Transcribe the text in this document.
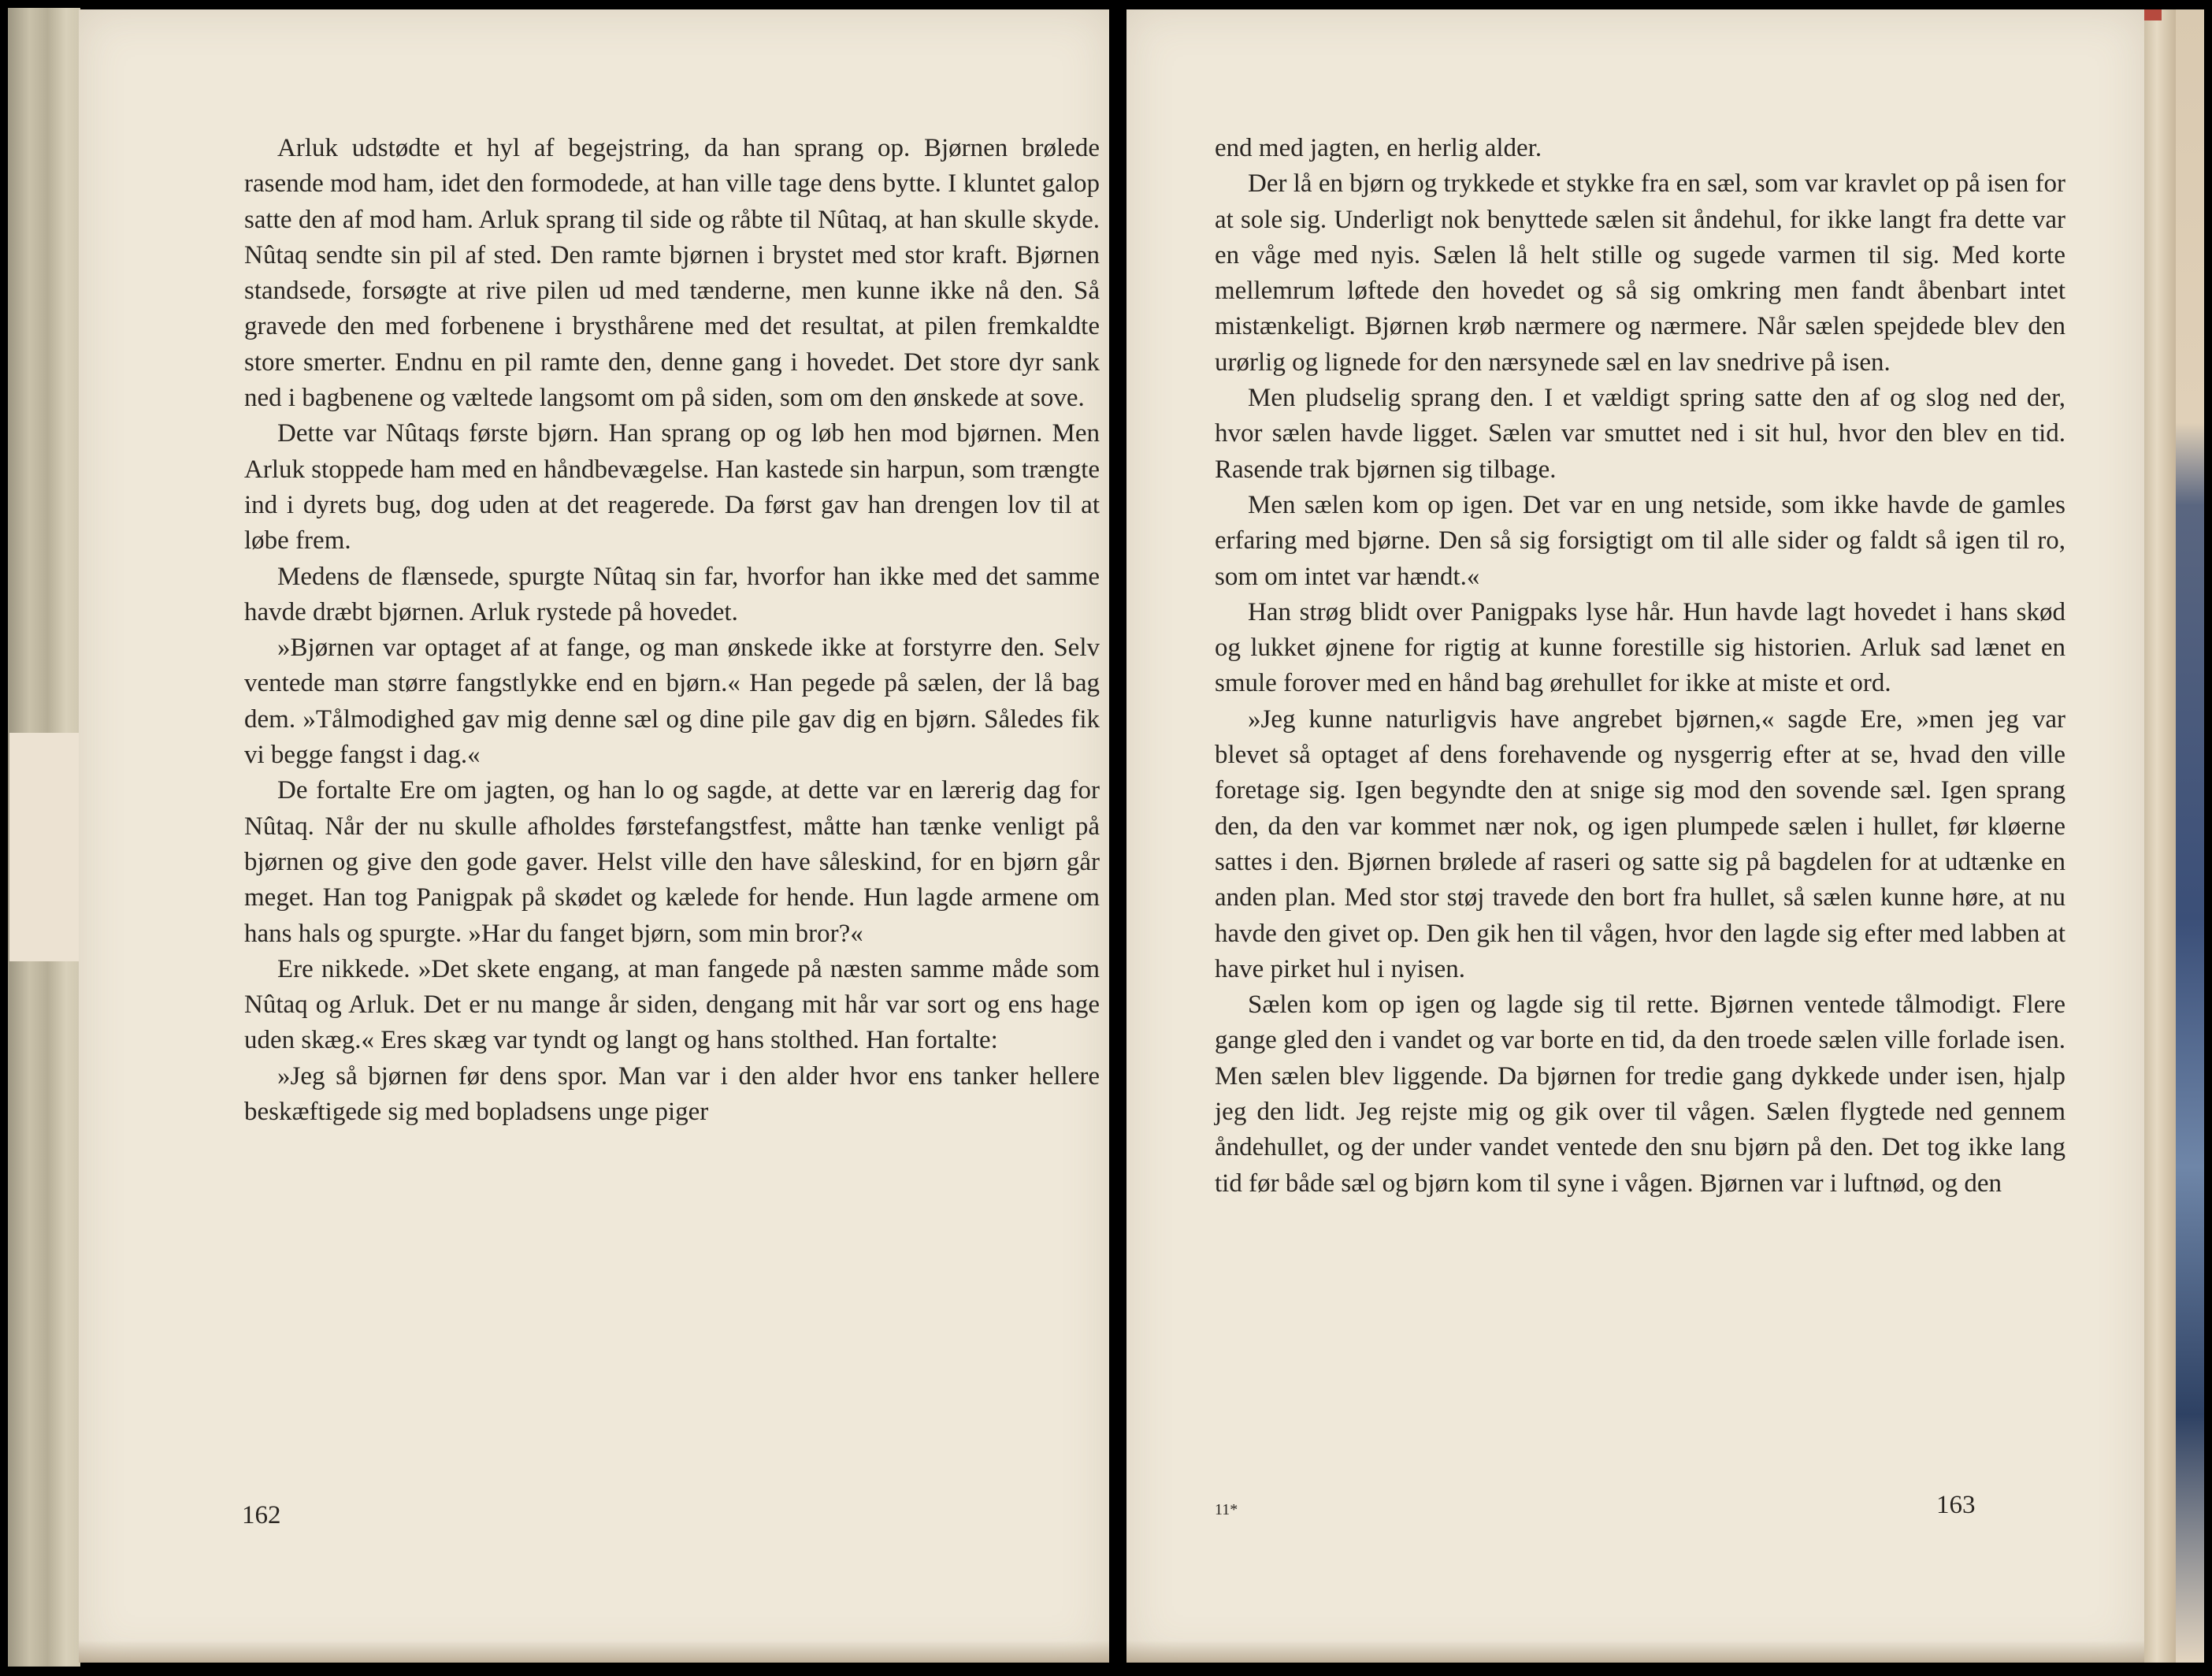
Arluk udstødte et hyl af begejstring, da han sprang op. Bjørnen brølede rasende mod ham, idet den formodede, at han ville tage dens bytte. I kluntet galop satte den af mod ham. Arluk sprang til side og råbte til Nûtaq, at han skulle skyde. Nûtaq sendte sin pil af sted. Den ramte bjørnen i brystet med stor kraft. Bjørnen standsede, forsøgte at rive pilen ud med tænderne, men kunne ikke nå den. Så gravede den med forbenene i brysthårene med det resultat, at pilen fremkaldte store smerter. Endnu en pil ramte den, denne gang i hovedet. Det store dyr sank ned i bagbenene og væltede langsomt om på siden, som om den ønskede at sove.

Dette var Nûtaqs første bjørn. Han sprang op og løb hen mod bjørnen. Men Arluk stoppede ham med en håndbevægelse. Han kastede sin harpun, som trængte ind i dyrets bug, dog uden at det reagerede. Da først gav han drengen lov til at løbe frem.

Medens de flænsede, spurgte Nûtaq sin far, hvorfor han ikke med det samme havde dræbt bjørnen. Arluk rystede på hovedet.

»Bjørnen var optaget af at fange, og man ønskede ikke at forstyrre den. Selv ventede man større fangstlykke end en bjørn.« Han pegede på sælen, der lå bag dem. »Tålmodighed gav mig denne sæl og dine pile gav dig en bjørn. Således fik vi begge fangst i dag.«

De fortalte Ere om jagten, og han lo og sagde, at dette var en lærerig dag for Nûtaq. Når der nu skulle afholdes førstefangstfest, måtte han tænke venligt på bjørnen og give den gode gaver. Helst ville den have såleskind, for en bjørn går meget. Han tog Panigpak på skødet og kælede for hende. Hun lagde armene om hans hals og spurgte. »Har du fanget bjørn, som min bror?«

Ere nikkede. »Det skete engang, at man fangede på næsten samme måde som Nûtaq og Arluk. Det er nu mange år siden, dengang mit hår var sort og ens hage uden skæg.« Eres skæg var tyndt og langt og hans stolthed. Han fortalte:

»Jeg så bjørnen før dens spor. Man var i den alder hvor ens tanker hellere beskæftigede sig med bopladsens unge piger

162

end med jagten, en herlig alder.

Der lå en bjørn og trykkede et stykke fra en sæl, som var kravlet op på isen for at sole sig. Underligt nok benyttede sælen sit åndehul, for ikke langt fra dette var en våge med nyis. Sælen lå helt stille og sugede varmen til sig. Med korte mellemrum løftede den hovedet og så sig omkring men fandt åbenbart intet mistænkeligt. Bjørnen krøb nærmere og nærmere. Når sælen spejdede blev den urørlig og lignede for den nærsynede sæl en lav snedrive på isen.

Men pludselig sprang den. I et vældigt spring satte den af og slog ned der, hvor sælen havde ligget. Sælen var smuttet ned i sit hul, hvor den blev en tid. Rasende trak bjørnen sig tilbage.

Men sælen kom op igen. Det var en ung netside, som ikke havde de gamles erfaring med bjørne. Den så sig forsigtigt om til alle sider og faldt så igen til ro, som om intet var hændt.«

Han strøg blidt over Panigpaks lyse hår. Hun havde lagt hovedet i hans skød og lukket øjnene for rigtig at kunne forestille sig historien. Arluk sad lænet en smule forover med en hånd bag ørehullet for ikke at miste et ord.

»Jeg kunne naturligvis have angrebet bjørnen,« sagde Ere, »men jeg var blevet så optaget af dens forehavende og nysgerrig efter at se, hvad den ville foretage sig. Igen begyndte den at snige sig mod den sovende sæl. Igen sprang den, da den var kommet nær nok, og igen plumpede sælen i hullet, før kløerne sattes i den. Bjørnen brølede af raseri og satte sig på bagdelen for at udtænke en anden plan. Med stor støj travede den bort fra hullet, så sælen kunne høre, at nu havde den givet op. Den gik hen til vågen, hvor den lagde sig efter med labben at have pirket hul i nyisen.

Sælen kom op igen og lagde sig til rette. Bjørnen ventede tålmodigt. Flere gange gled den i vandet og var borte en tid, da den troede sælen ville forlade isen. Men sælen blev liggende. Da bjørnen for tredie gang dykkede under isen, hjalp jeg den lidt. Jeg rejste mig og gik over til vågen. Sælen flygtede ned gennem åndehullet, og der under vandet ventede den snu bjørn på den. Det tog ikke lang tid før både sæl og bjørn kom til syne i vågen. Bjørnen var i luftnød, og den

11*	163
